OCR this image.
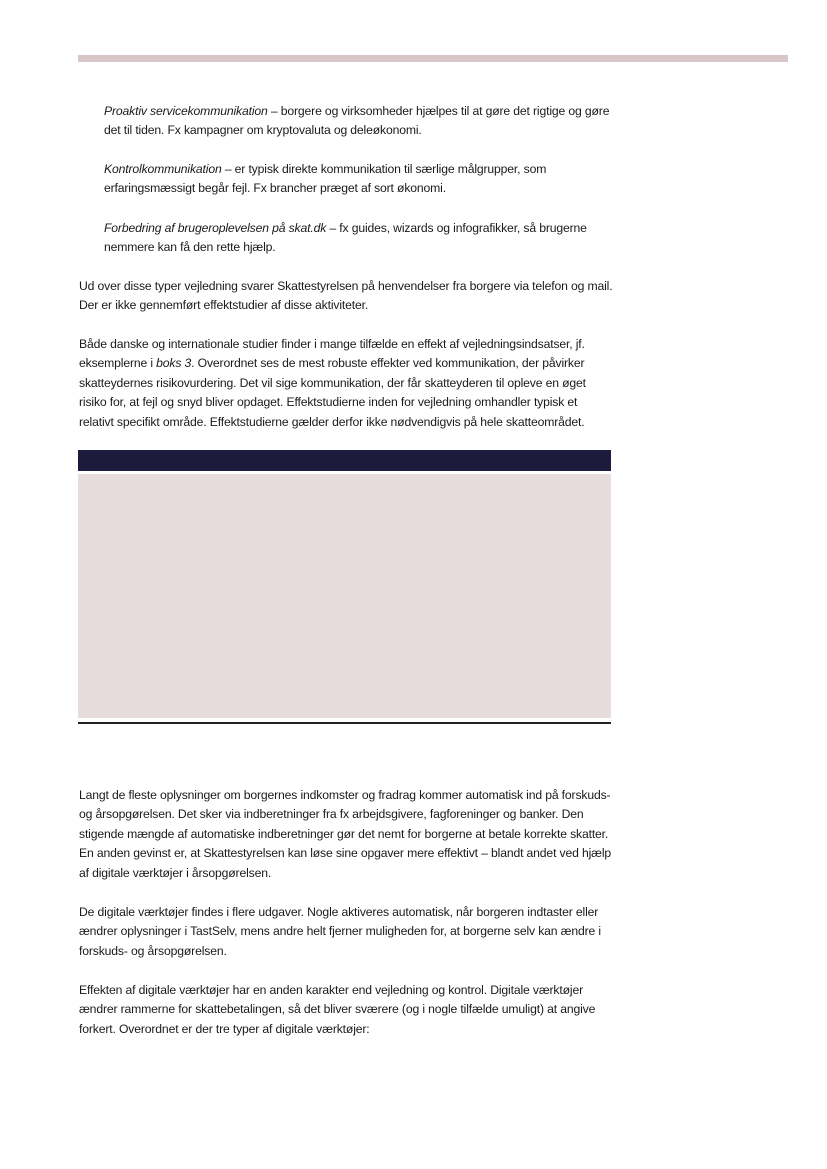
Proaktiv servicekommunikation – borgere og virksomheder hjælpes til at gøre det rigtige og gøre det til tiden. Fx kampagner om kryptovaluta og deleøkonomi.

Kontrolkommunikation – er typisk direkte kommunikation til særlige målgrupper, som erfaringsmæssigt begår fejl. Fx brancher præget af sort økonomi.

Forbedring af brugeroplevelsen på skat.dk – fx guides, wizards og infografikker, så brugerne nemmere kan få den rette hjælp.

Ud over disse typer vejledning svarer Skattestyrelsen på henvendelser fra borgere via telefon og mail. Der er ikke gennemført effektstudier af disse aktiviteter.

Både danske og internationale studier finder i mange tilfælde en effekt af vejledningsindsatser, jf. eksemplerne i boks 3. Overordnet ses de mest robuste effekter ved kommunikation, der påvirker skatteydernes risikovurdering. Det vil sige kommunikation, der får skatteyderen til opleve en øget risiko for, at fejl og snyd bliver opdaget. Effektstudierne inden for vejledning omhandler typisk et relativt specifikt område. Effektstudierne gælder derfor ikke nødvendigvis på hele skatteområdet.

Langt de fleste oplysninger om borgernes indkomster og fradrag kommer automatisk ind på forskuds- og årsopgørelsen. Det sker via indberetninger fra fx arbejdsgivere, fagforeninger og banker. Den stigende mængde af automatiske indberetninger gør det nemt for borgerne at betale korrekte skatter. En anden gevinst er, at Skattestyrelsen kan løse sine opgaver mere effektivt – blandt andet ved hjælp af digitale værktøjer i årsopgørelsen.

De digitale værktøjer findes i flere udgaver. Nogle aktiveres automatisk, når borgeren indtaster eller ændrer oplysninger i TastSelv, mens andre helt fjerner muligheden for, at borgerne selv kan ændre i forskuds- og årsopgørelsen.

Effekten af digitale værktøjer har en anden karakter end vejledning og kontrol. Digitale værktøjer ændrer rammerne for skattebetalingen, så det bliver sværere (og i nogle tilfælde umuligt) at angive forkert. Overordnet er der tre typer af digitale værktøjer:
